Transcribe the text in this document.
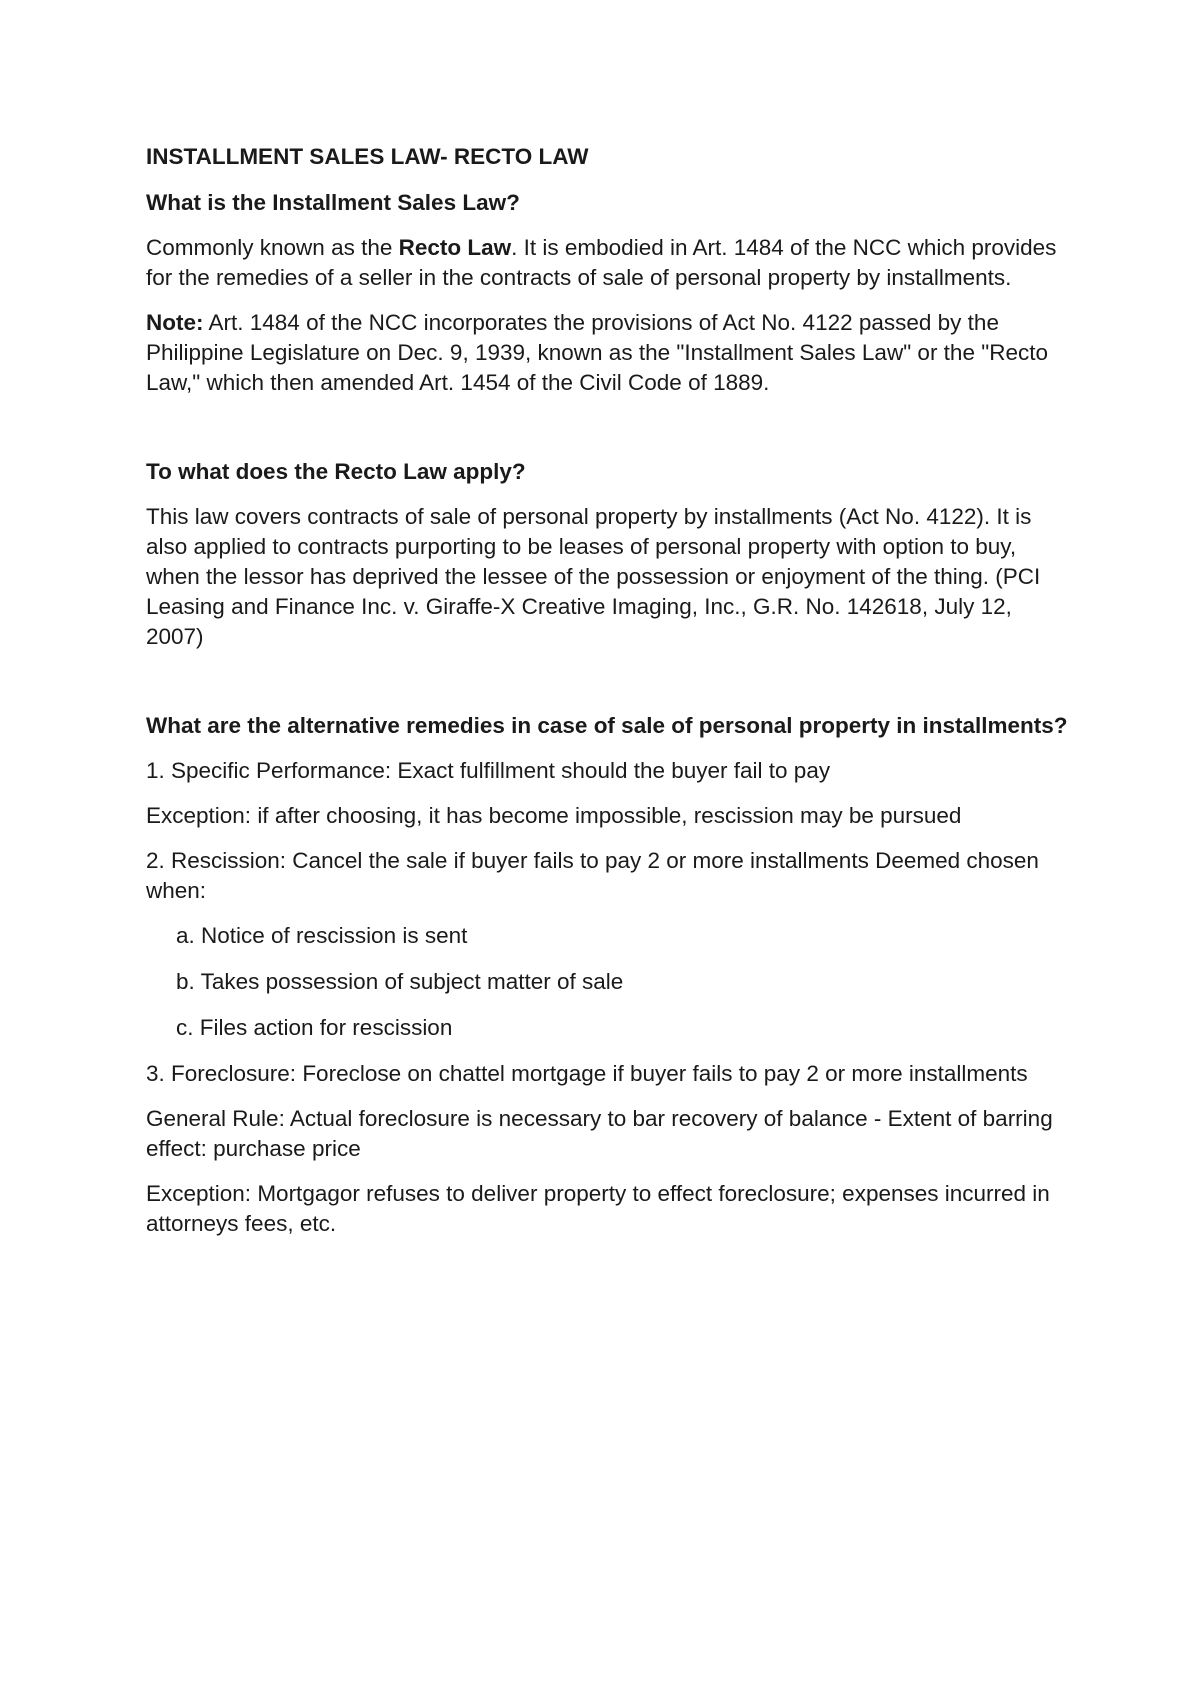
INSTALLMENT SALES LAW- RECTO LAW
What is the Installment Sales Law?

Commonly known as the Recto Law. It is embodied in Art. 1484 of the NCC which provides for the remedies of a seller in the contracts of sale of personal property by installments.

Note: Art. 1484 of the NCC incorporates the provisions of Act No. 4122 passed by the Philippine Legislature on Dec. 9, 1939, known as the "Installment Sales Law" or the "Recto Law," which then amended Art. 1454 of the Civil Code of 1889.

To what does the Recto Law apply?

This law covers contracts of sale of personal property by installments (Act No. 4122). It is also applied to contracts purporting to be leases of personal property with option to buy, when the lessor has deprived the lessee of the possession or enjoyment of the thing. (PCI Leasing and Finance Inc. v. Giraffe-X Creative Imaging, Inc., G.R. No. 142618, July 12, 2007)

What are the alternative remedies in case of sale of personal property in installments?

1. Specific Performance: Exact fulfillment should the buyer fail to pay

Exception: if after choosing, it has become impossible, rescission may be pursued

2. Rescission: Cancel the sale if buyer fails to pay 2 or more installments Deemed chosen when:

a. Notice of rescission is sent
b. Takes possession of subject matter of sale
c. Files action for rescission

3. Foreclosure: Foreclose on chattel mortgage if buyer fails to pay 2 or more installments

General Rule: Actual foreclosure is necessary to bar recovery of balance - Extent of barring effect: purchase price

Exception: Mortgagor refuses to deliver property to effect foreclosure; expenses incurred in attorneys fees, etc.
